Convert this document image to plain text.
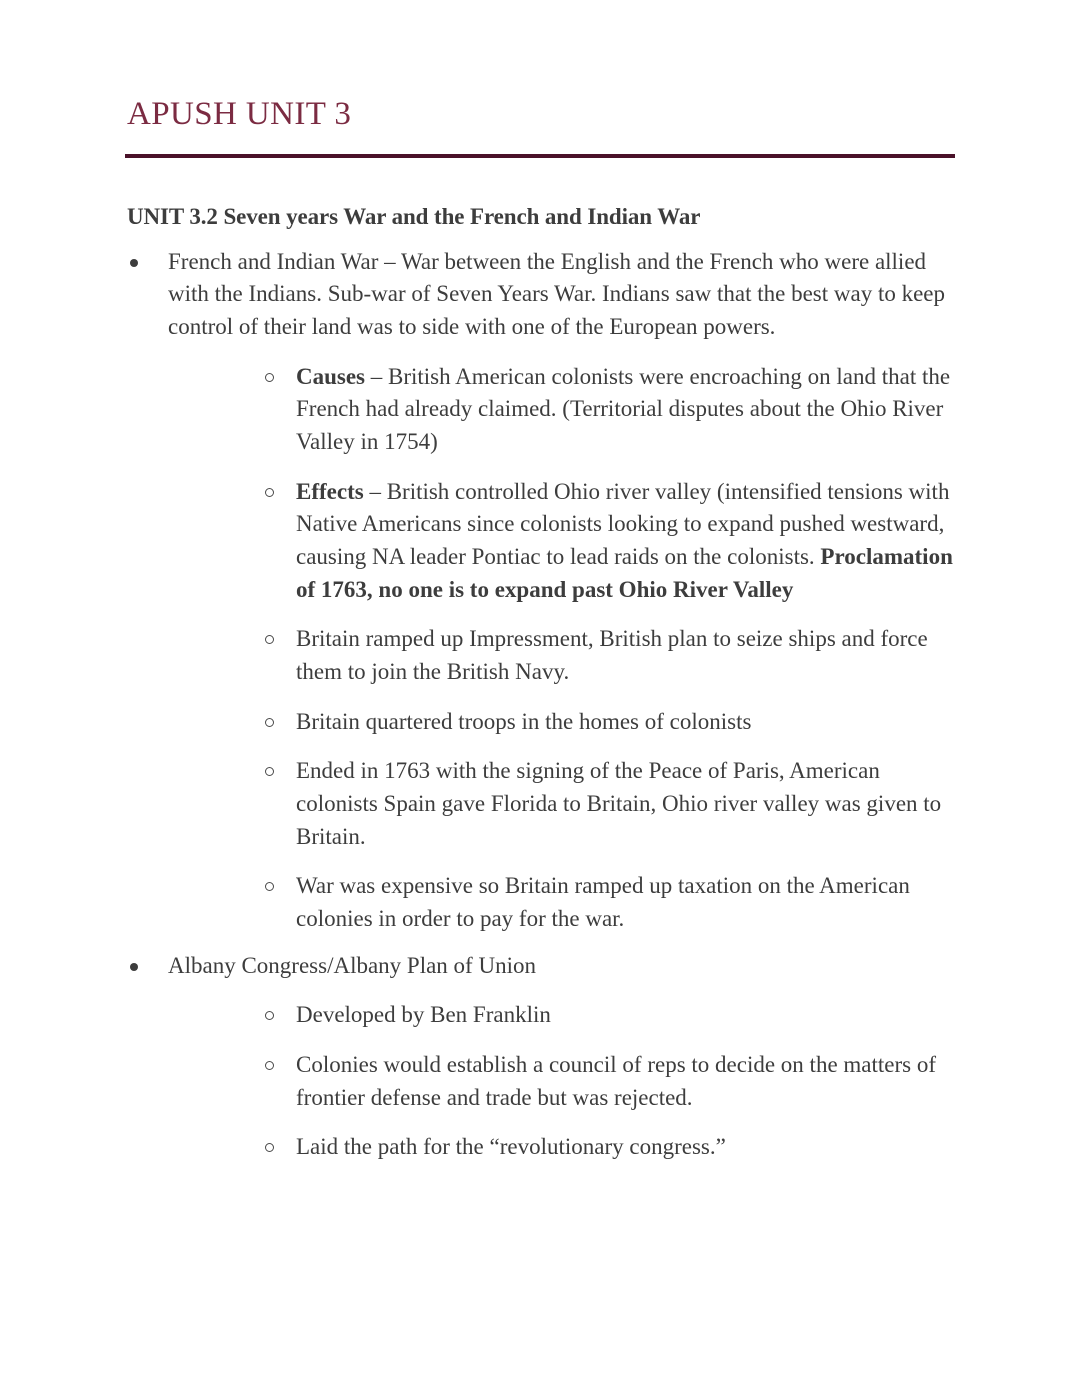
APUSH UNIT 3
UNIT 3.2 Seven years War and the French and Indian War
French and Indian War – War between the English and the French who were allied with the Indians. Sub-war of Seven Years War. Indians saw that the best way to keep control of their land was to side with one of the European powers.
Causes – British American colonists were encroaching on land that the French had already claimed. (Territorial disputes about the Ohio River Valley in 1754)
Effects – British controlled Ohio river valley (intensified tensions with Native Americans since colonists looking to expand pushed westward, causing NA leader Pontiac to lead raids on the colonists. Proclamation of 1763, no one is to expand past Ohio River Valley
Britain ramped up Impressment, British plan to seize ships and force them to join the British Navy.
Britain quartered troops in the homes of colonists
Ended in 1763 with the signing of the Peace of Paris, American colonists Spain gave Florida to Britain, Ohio river valley was given to Britain.
War was expensive so Britain ramped up taxation on the American colonies in order to pay for the war.
Albany Congress/Albany Plan of Union
Developed by Ben Franklin
Colonies would establish a council of reps to decide on the matters of frontier defense and trade but was rejected.
Laid the path for the “revolutionary congress.”
